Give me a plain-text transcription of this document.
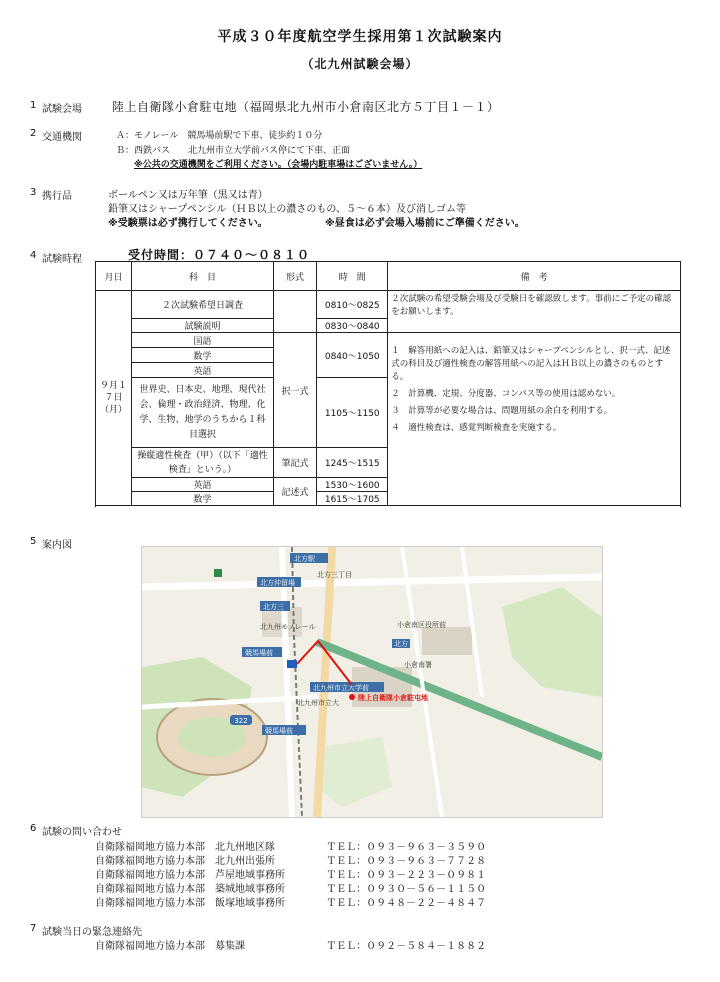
平成３０年度航空学生採用第１次試験案内
（北九州試験会場）
1 試験会場	陸上自衛隊小倉駐屯地（福岡県北九州市小倉南区北方５丁目１－１）
2 交通機関	Ａ：モノレール　競馬場前駅で下車、徒歩約１０分
Ｂ：西鉄バス　　北九州市立大学前バス停にて下車、正面
※公共の交通機関をご利用ください。（会場内駐車場はございません。）
3 携行品	ボールペン又は万年筆（黒又は青）
鉛筆又はシャープペンシル（ＨＢ以上の濃さのもの、５～６本）及び消しゴム等
※受験票は必ず携行してください。	※昼食は必ず会場入場前にご準備ください。
4 試験時程	受付時間：０７４０～０８１０
月日	科　目	形式	時　間	備　考
９月１７日（月）	２次試験希望日調査		0810～0825	２次試験の希望受験会場及び受験日を確認致します。事前にご予定の確認をお願いします。
	試験説明		0830～0840	
	国語	択一式	0840～1050	１　解答用紙への記入は、鉛筆又はシャープペンシルとし、択一式、記述式の科目及び適性検査の解答用紙への記入はＨＢ以上の濃さのものとする。

２　計算機、定規、分度器、コンパス等の使用は認めない。

３　計算等が必要な場合は、問題用紙の余白を利用する。

４　適性検査は、感覚判断検査を実施する。

	数学			
	英語			
	世界史、日本史、地理、現代社会、倫理・政治経済、物理、化学、生物、地学のうちから１科目選択		1105～1150	
	操縦適性検査（甲）（以下「適性検査」という。）	筆記式	1245～1515	
	英語	記述式	1530～1600	
	数学		1615～1705	

5 案内図
322
北方駅
北方沖留場
北方三
競馬場前
競馬場前
北九州市立大学前
北九州市立大
北九州モノレール	小倉南区役所前
小倉南署
北方
北方三丁目
陸上自衛隊小倉駐屯地
6 試験の問い合わせ
自衛隊福岡地方協力本部　北九州地区隊	ＴＥＬ：０９３－９６３－３５９０
自衛隊福岡地方協力本部　北九州出張所	ＴＥＬ：０９３－９６３－７７２８
自衛隊福岡地方協力本部　芦屋地域事務所	ＴＥＬ：０９３－２２３－０９８１
自衛隊福岡地方協力本部　築城地域事務所	ＴＥＬ：０９３０－５６－１１５０
自衛隊福岡地方協力本部　飯塚地域事務所	ＴＥＬ：０９４８－２２－４８４７
7 試験当日の緊急連絡先
自衛隊福岡地方協力本部　募集課	ＴＥＬ：０９２－５８４－１８８２
